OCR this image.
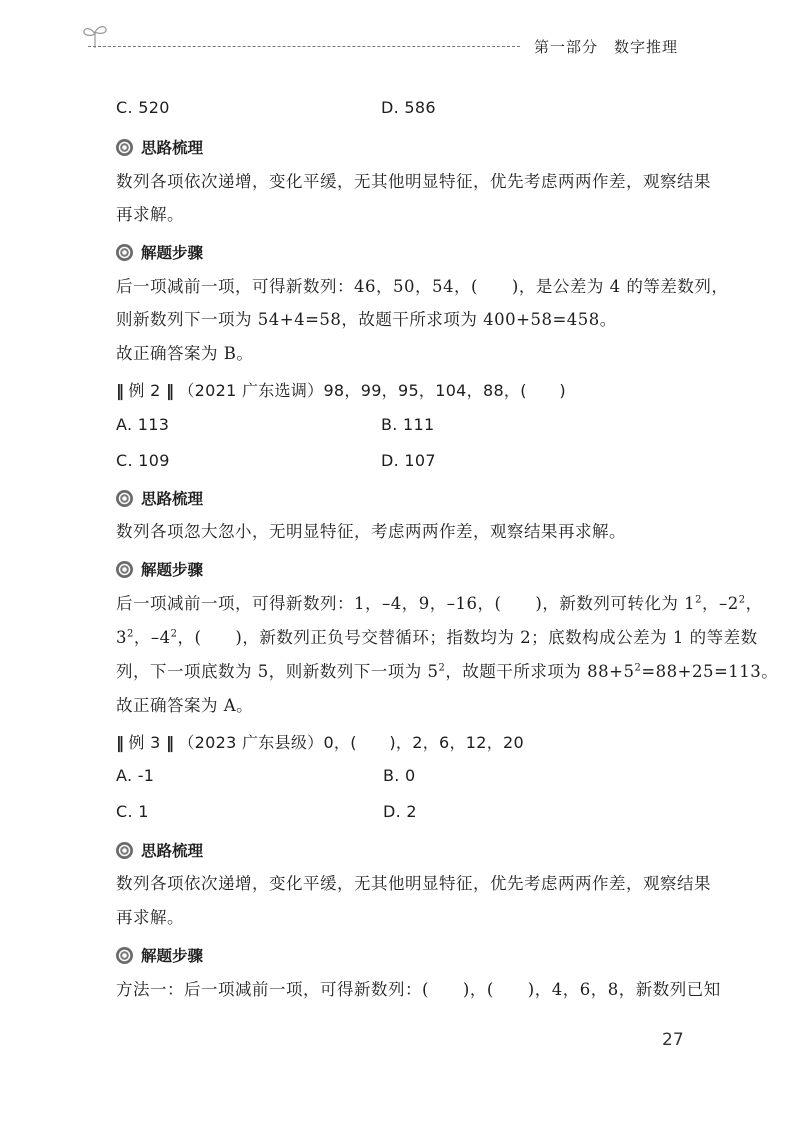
第一部分　数字推理
C. 520	D. 586
思路梳理
数列各项依次递增，变化平缓，无其他明显特征，优先考虑两两作差，观察结果
再求解。
解题步骤
后一项减前一项，可得新数列：46，50，54，(　　)，是公差为 4 的等差数列，
则新数列下一项为 54+4=58，故题干所求项为 400+58=458。
故正确答案为 B。
‖ 例 2 ‖ （2021 广东选调）98，99，95，104，88，(　　)
A. 113	B. 111
C. 109	D. 107
思路梳理
数列各项忽大忽小，无明显特征，考虑两两作差，观察结果再求解。
解题步骤
后一项减前一项，可得新数列：1，–4，9，–16，(　　)，新数列可转化为 $1^2$，$-2^2$，
$3^2$，$-4^2$，(　　)，新数列正负号交替循环；指数均为 2；底数构成公差为 1 的等差数
列，下一项底数为 5，则新数列下一项为 $5^2$，故题干所求项为 $88+5^2=88+25=113$。
故正确答案为 A。
‖ 例 3 ‖ （2023 广东县级）0，(　　)，2，6，12，20
A. -1	B. 0
C. 1	D. 2
思路梳理
数列各项依次递增，变化平缓，无其他明显特征，优先考虑两两作差，观察结果
再求解。
解题步骤
方法一：后一项减前一项，可得新数列：(　　)，(　　)，4，6，8，新数列已知
27
